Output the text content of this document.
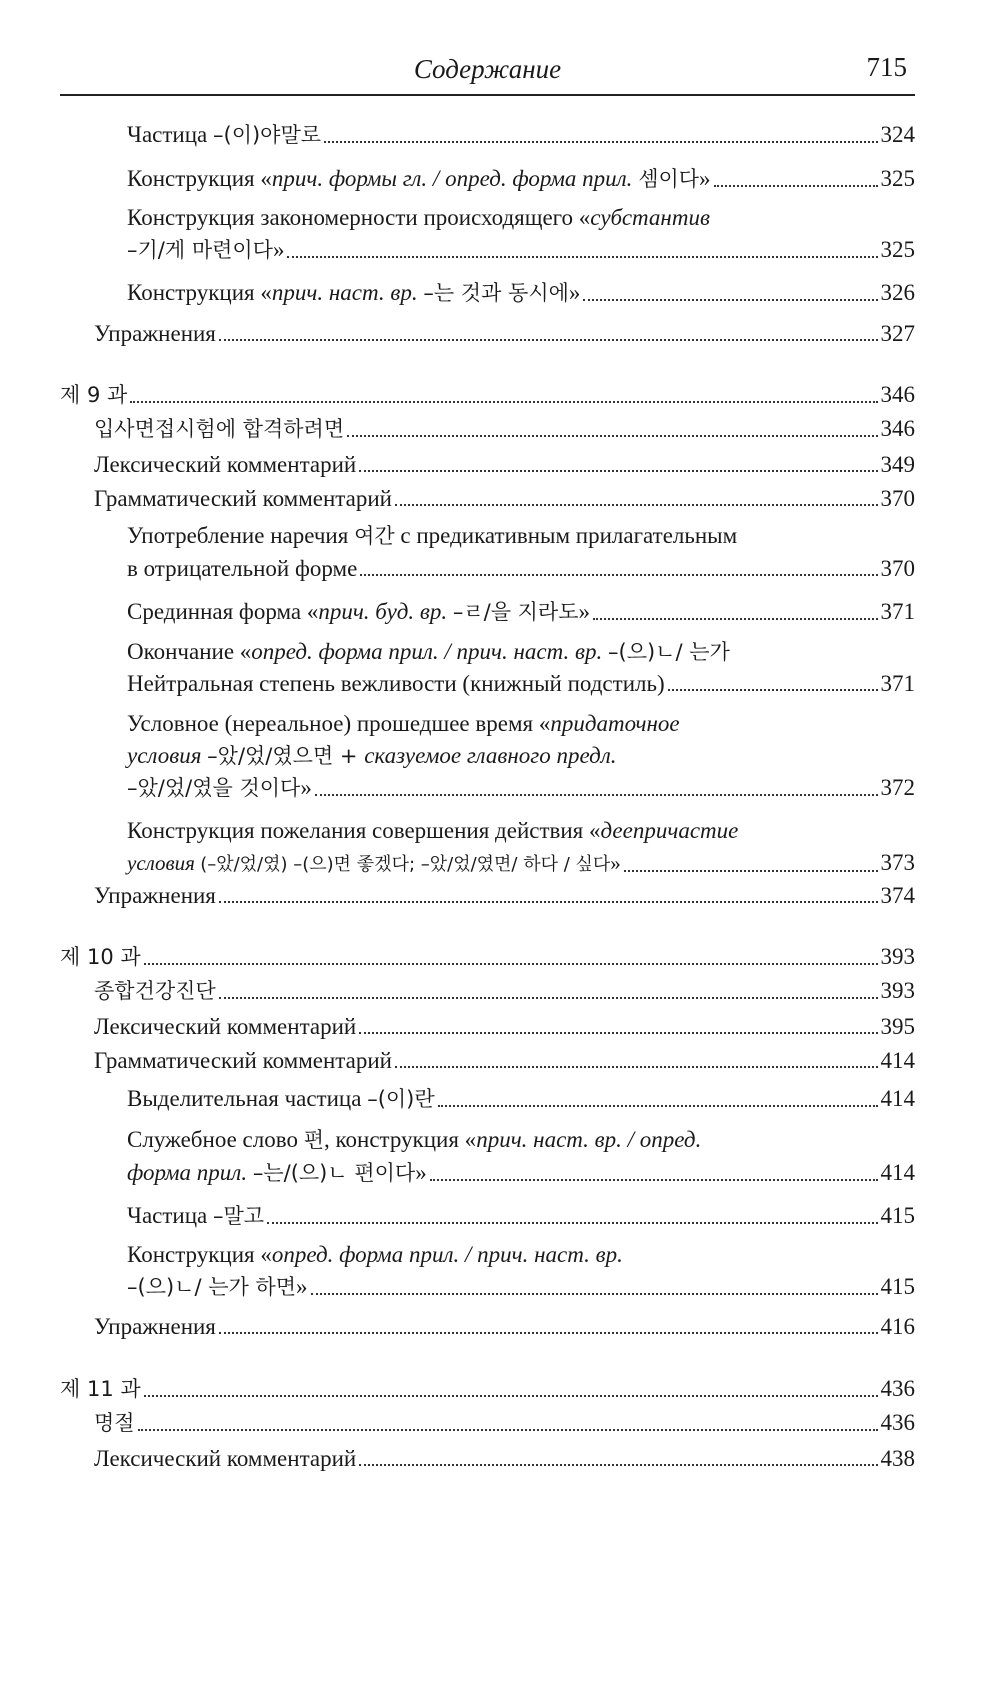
Содержание	715
Частица –(이)야말로	324
Конструкция «прич. формы гл. / опред. форма прил. 셈이다»	325
Конструкция закономерности происходящего «субстантив
–기/게 마련이다»	325
Конструкция «прич. наст. вр. –는 것과 동시에»	326
Упражнения	327
제 9 과	346
입사면접시험에 합격하려면	346
Лексический комментарий	349
Грамматический комментарий	370
Употребление наречия 여간 с предикативным прилагательным
в отрицательной форме	370
Срединная форма «прич. буд. вр. –ㄹ/을 지라도»	371
Окончание «опред. форма прил. / прич. наст. вр. –(으)ㄴ/ 는가
Нейтральная степень вежливости (книжный подстиль)	371
Условное (нереальное) прошедшее время «придаточное
условия –았/었/였으면 + сказуемое главного предл.
–았/었/였을 것이다»	372
Конструкция пожелания совершения действия «деепричастие
условия (–았/었/였) –(으)면 좋겠다; –았/었/였면/ 하다 / 싶다»	373
Упражнения	374
제 10 과	393
종합건강진단	393
Лексический комментарий	395
Грамматический комментарий	414
Выделительная частица –(이)란	414
Служебное слово 편, конструкция «прич. наст. вр. / опред.
форма прил. –는/(으)ㄴ 편이다»	414
Частица –말고	415
Конструкция «опред. форма прил. / прич. наст. вр.
–(으)ㄴ/ 는가 하면»	415
Упражнения	416
제 11 과	436
명절	436
Лексический комментарий	438
